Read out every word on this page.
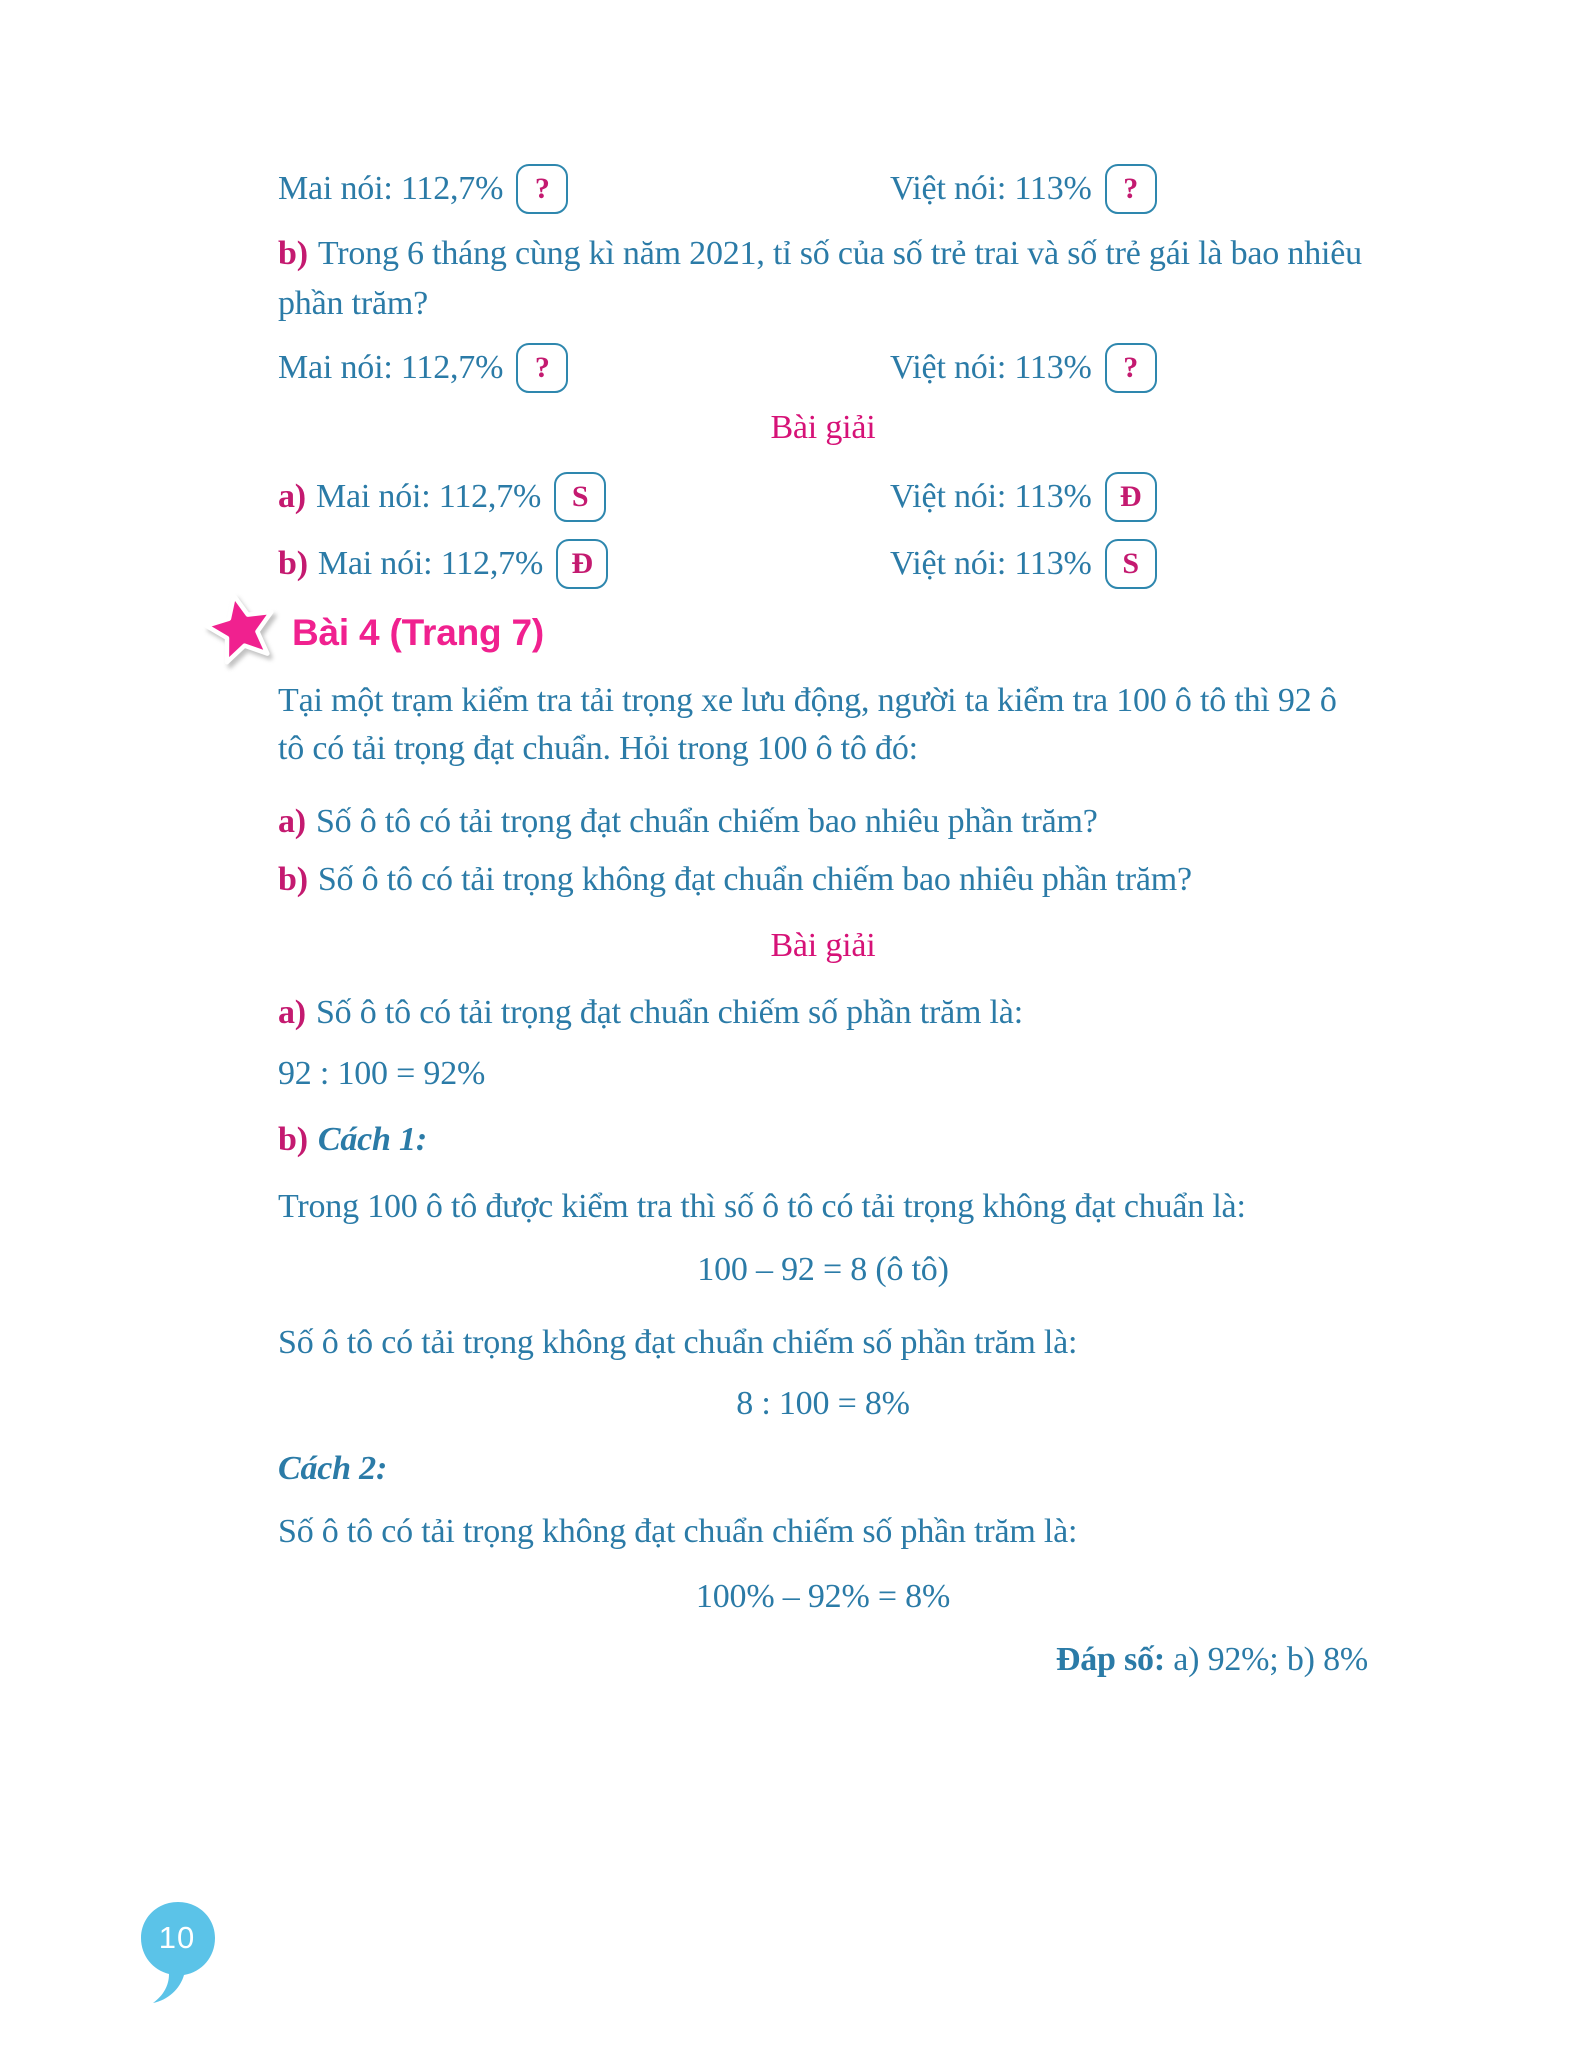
Mai nói: 112,7%	?	Việt nói: 113%	?
b) Trong 6 tháng cùng kì năm 2021, tỉ số của số trẻ trai và số trẻ gái là bao nhiêu
phần trăm?
Mai nói: 112,7%	?	Việt nói: 113%	?
Bài giải
a) Mai nói: 112,7%	S	Việt nói: 113% Đ
b) Mai nói: 112,7% Đ	Việt nói: 113%	S
Bài 4 (Trang 7)
Tại một trạm kiểm tra tải trọng xe lưu động, người ta kiểm tra 100 ô tô thì 92 ô
tô có tải trọng đạt chuẩn. Hỏi trong 100 ô tô đó:
a) Số ô tô có tải trọng đạt chuẩn chiếm bao nhiêu phần trăm?
b) Số ô tô có tải trọng không đạt chuẩn chiếm bao nhiêu phần trăm?
Bài giải
a) Số ô tô có tải trọng đạt chuẩn chiếm số phần trăm là:
92 : 100 = 92%
b) Cách 1:
Trong 100 ô tô được kiểm tra thì số ô tô có tải trọng không đạt chuẩn là:
100 – 92 = 8 (ô tô)
Số ô tô có tải trọng không đạt chuẩn chiếm số phần trăm là:
8 : 100 = 8%
Cách 2:
Số ô tô có tải trọng không đạt chuẩn chiếm số phần trăm là:
100% – 92% = 8%
Đáp số: a) 92%; b) 8%
10
